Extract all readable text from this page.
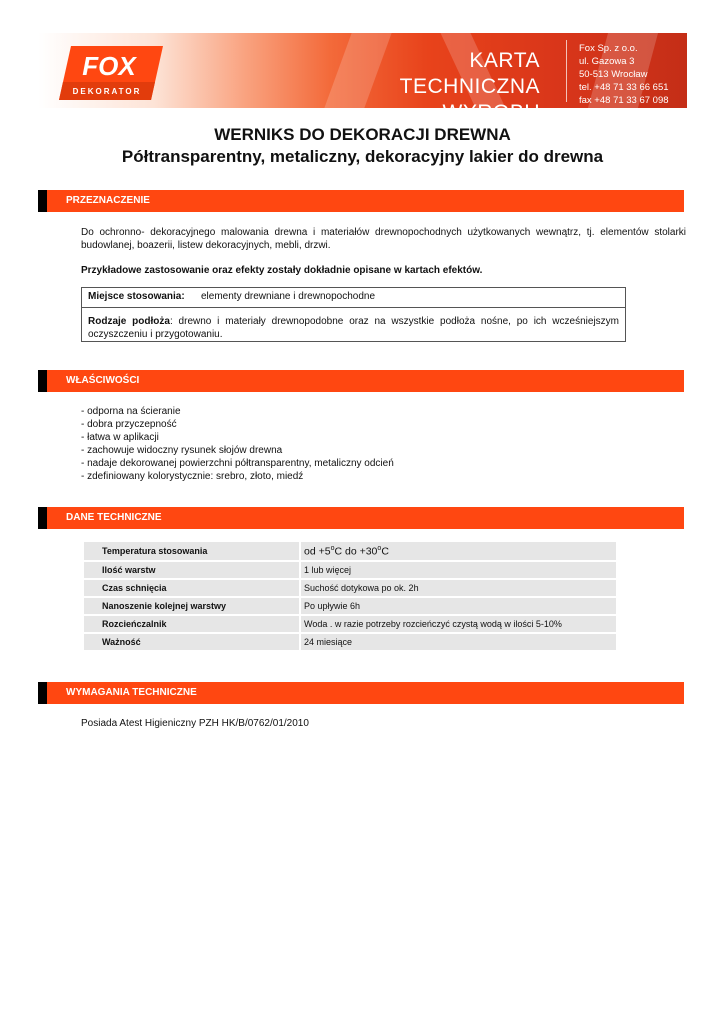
FOX
DEKORATOR
KARTA TECHNICZNA
WYROBU
Fox Sp. z o.o.
ul. Gazowa 3
50-513 Wrocław
tel. +48 71 33 66 651
fax +48 71 33 67 098
WERNIKS DO DEKORACJI DREWNA
Półtransparentny, metaliczny, dekoracyjny lakier do drewna
PRZEZNACZENIE
Do ochronno- dekoracyjnego malowania drewna i materiałów drewnopochodnych użytkowanych wewnątrz, tj. elementów stolarki budowlanej, boazerii, listew dekoracyjnych, mebli, drzwi.
Przykładowe zastosowanie oraz efekty zostały dokładnie opisane w kartach efektów.
Miejsce stosowania: elementy drewniane i drewnopochodne
Rodzaje podłoża: drewno i materiały drewnopodobne oraz na wszystkie podłoża nośne, po ich wcześniejszym oczyszczeniu i przygotowaniu.
WŁAŚCIWOŚCI
- odporna na ścieranie
- dobra przyczepność
- łatwa w aplikacji
- zachowuje widoczny rysunek słojów drewna
- nadaje dekorowanej powierzchni półtransparentny, metaliczny odcień
- zdefiniowany kolorystycznie: srebro, złoto, miedź
DANE TECHNICZNE
Temperatura stosowania	od $+5^oC$ do $+30^oC$
Ilość warstw	1 lub więcej
Czas schnięcia	Suchość dotykowa po ok. 2h
Nanoszenie kolejnej warstwy	Po upływie 6h
Rozcieńczalnik	Woda . w razie potrzeby rozcieńczyć czystą wodą w ilości 5-10%
Ważność	24 miesiące
WYMAGANIA TECHNICZNE
Posiada Atest Higieniczny PZH HK/B/0762/01/2010
